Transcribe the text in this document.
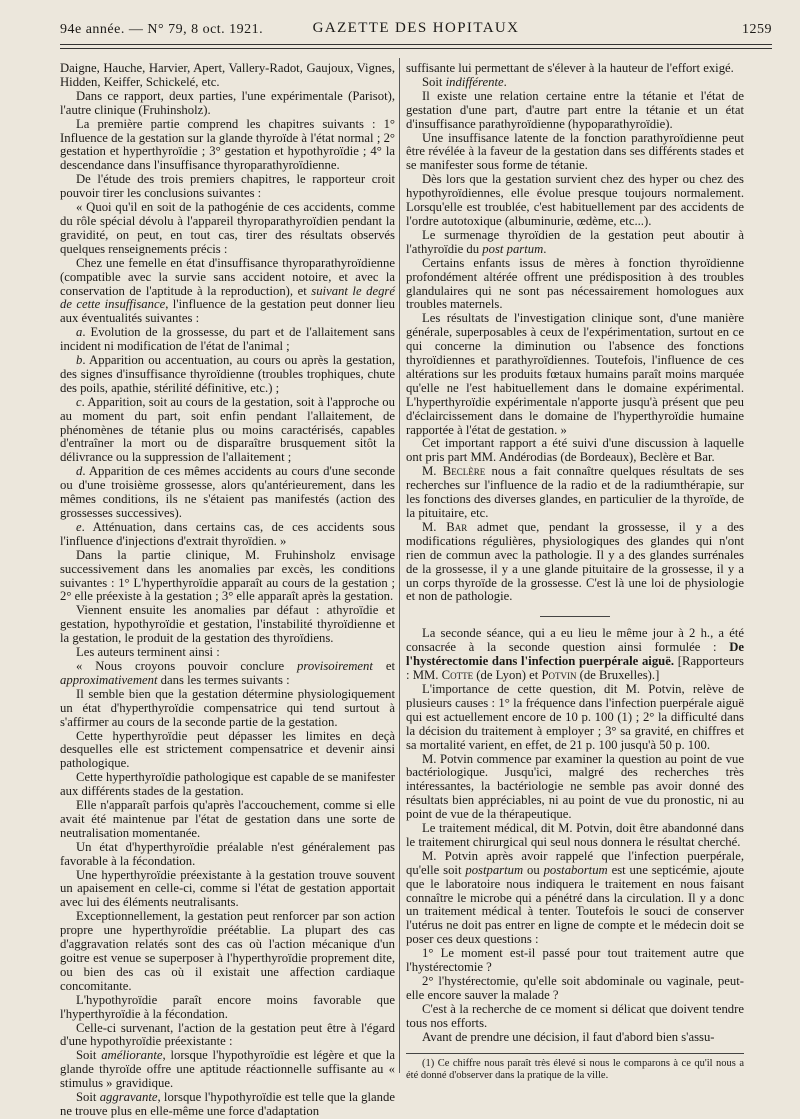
94e année. — N° 79, 8 oct. 1921.	GAZETTE DES HOPITAUX	1259

Daigne, Hauche, Harvier, Apert, Vallery-Radot, Gaujoux, Vignes, Hidden, Keiffer, Schickelé, etc.

Dans ce rapport, deux parties, l'une expérimentale (Parisot), l'autre clinique (Fruhinsholz).

La première partie comprend les chapitres suivants : 1° Influence de la gestation sur la glande thyroïde à l'état normal ; 2° gestation et hyperthyroïdie ; 3° gestation et hypothyroïdie ; 4° la descendance dans l'insuffisance thyroparathyroïdienne.

De l'étude des trois premiers chapitres, le rapporteur croit pouvoir tirer les conclusions suivantes :

« Quoi qu'il en soit de la pathogénie de ces accidents, comme du rôle spécial dévolu à l'appareil thyroparathyroïdien pendant la gravidité, on peut, en tout cas, tirer des résultats observés quelques renseignements précis :

Chez une femelle en état d'insuffisance thyroparathyroïdienne (compatible avec la survie sans accident notoire, et avec la conservation de l'aptitude à la reproduction), et suivant le degré de cette insuffisance, l'influence de la gestation peut donner lieu aux éventualités suivantes :

a. Evolution de la grossesse, du part et de l'allaitement sans incident ni modification de l'état de l'animal ;

b. Apparition ou accentuation, au cours ou après la gestation, des signes d'insuffisance thyroïdienne (troubles trophiques, chute des poils, apathie, stérilité définitive, etc.) ;

c. Apparition, soit au cours de la gestation, soit à l'approche ou au moment du part, soit enfin pendant l'allaitement, de phénomènes de tétanie plus ou moins caractérisés, capables d'entraîner la mort ou de disparaître brusquement sitôt la délivrance ou la suppression de l'allaitement ;

d. Apparition de ces mêmes accidents au cours d'une seconde ou d'une troisième grossesse, alors qu'antérieurement, dans les mêmes conditions, ils ne s'étaient pas manifestés (action des grossesses successives).

e. Atténuation, dans certains cas, de ces accidents sous l'influence d'injections d'extrait thyroïdien. »

Dans la partie clinique, M. Fruhinsholz envisage successivement dans les anomalies par excès, les conditions suivantes : 1° L'hyperthyroïdie apparaît au cours de la gestation ; 2° elle préexiste à la gestation ; 3° elle apparaît après la gestation.

Viennent ensuite les anomalies par défaut : athyroïdie et gestation, hypothyroïdie et gestation, l'instabilité thyroïdienne et la gestation, le produit de la gestation des thyroïdiens.

Les auteurs terminent ainsi :

« Nous croyons pouvoir conclure provisoirement et approximativement dans les termes suivants :

Il semble bien que la gestation détermine physiologiquement un état d'hyperthyroïdie compensatrice qui tend surtout à s'affirmer au cours de la seconde partie de la gestation.

Cette hyperthyroïdie peut dépasser les limites en deçà desquelles elle est strictement compensatrice et devenir ainsi pathologique.

Cette hyperthyroïdie pathologique est capable de se manifester aux différents stades de la gestation.

Elle n'apparaît parfois qu'après l'accouchement, comme si elle avait été maintenue par l'état de gestation dans une sorte de neutralisation momentanée.

Un état d'hyperthyroïdie préalable n'est généralement pas favorable à la fécondation.

Une hyperthyroïdie préexistante à la gestation trouve souvent un apaisement en celle-ci, comme si l'état de gestation apportait avec lui des éléments neutralisants.

Exceptionnellement, la gestation peut renforcer par son action propre une hyperthyroïdie préétablie. La plupart des cas d'aggravation relatés sont des cas où l'action mécanique d'un goitre est venue se superposer à l'hyperthyroïdie proprement dite, ou bien des cas où il existait une affection cardiaque concomitante.

L'hypothyroïdie paraît encore moins favorable que l'hyperthyroïdie à la fécondation.

Celle-ci survenant, l'action de la gestation peut être à l'égard d'une hypothyroïdie préexistante :

Soit améliorante, lorsque l'hypothyroïdie est légère et que la glande thyroïde offre une aptitude réactionnelle suffisante au « stimulus » gravidique.

Soit aggravante, lorsque l'hypothyroïdie est telle que la glande ne trouve plus en elle-même une force d'adaptation

suffisante lui permettant de s'élever à la hauteur de l'effort exigé.

Soit indifférente.

Il existe une relation certaine entre la tétanie et l'état de gestation d'une part, d'autre part entre la tétanie et un état d'insuffisance parathyroïdienne (hypoparathyroïdie).

Une insuffisance latente de la fonction parathyroïdienne peut être révélée à la faveur de la gestation dans ses différents stades et se manifester sous forme de tétanie.

Dès lors que la gestation survient chez des hyper ou chez des hypothyroïdiennes, elle évolue presque toujours normalement. Lorsqu'elle est troublée, c'est habituellement par des accidents de l'ordre autotoxique (albuminurie, œdème, etc...).

Le surmenage thyroïdien de la gestation peut aboutir à l'athyroïdie du post partum.

Certains enfants issus de mères à fonction thyroïdienne profondément altérée offrent une prédisposition à des troubles glandulaires qui ne sont pas nécessairement homologues aux troubles maternels.

Les résultats de l'investigation clinique sont, d'une manière générale, superposables à ceux de l'expérimentation, surtout en ce qui concerne la diminution ou l'absence des fonctions thyroïdiennes et parathyroïdiennes. Toutefois, l'influence de ces altérations sur les produits fœtaux humains paraît moins marquée qu'elle ne l'est habituellement dans le domaine expérimental. L'hyperthyroïdie expérimentale n'apporte jusqu'à présent que peu d'éclaircissement dans le domaine de l'hyperthyroïdie humaine rapportée à l'état de gestation. »

Cet important rapport a été suivi d'une discussion à laquelle ont pris part MM. Andérodias (de Bordeaux), Beclère et Bar.

M. Beclère nous a fait connaître quelques résultats de ses recherches sur l'influence de la radio et de la radiumthérapie, sur les fonctions des diverses glandes, en particulier de la thyroïde, de la pituitaire, etc.

M. Bar admet que, pendant la grossesse, il y a des modifications régulières, physiologiques des glandes qui n'ont rien de commun avec la pathologie. Il y a des glandes surrénales de la grossesse, il y a une glande pituitaire de la grossesse, il y a un corps thyroïde de la grossesse. C'est là une loi de physiologie et non de pathologie.

La seconde séance, qui a eu lieu le même jour à 2 h., a été consacrée à la seconde question ainsi formulée : De l'hystérectomie dans l'infection puerpérale aiguë. [Rapporteurs : MM. Cotte (de Lyon) et Potvin (de Bruxelles).]

L'importance de cette question, dit M. Potvin, relève de plusieurs causes : 1° la fréquence dans l'infection puerpérale aiguë qui est actuellement encore de 10 p. 100 (1) ; 2° la difficulté dans la décision du traitement à employer ; 3° sa gravité, en chiffres et sa mortalité varient, en effet, de 21 p. 100 jusqu'à 50 p. 100.

M. Potvin commence par examiner la question au point de vue bactériologique. Jusqu'ici, malgré des recherches très intéressantes, la bactériologie ne semble pas avoir donné des résultats bien appréciables, ni au point de vue du pronostic, ni au point de vue de la thérapeutique.

Le traitement médical, dit M. Potvin, doit être abandonné dans le traitement chirurgical qui seul nous donnera le résultat cherché.

M. Potvin après avoir rappelé que l'infection puerpérale, qu'elle soit postpartum ou postabortum est une septicémie, ajoute que le laboratoire nous indiquera le traitement en nous faisant connaître le microbe qui a pénétré dans la circulation. Il y a donc un traitement médical à tenter. Toutefois le souci de conserver l'utérus ne doit pas entrer en ligne de compte et le médecin doit se poser ces deux questions :

1° Le moment est-il passé pour tout traitement autre que l'hystérectomie ?

2° l'hystérectomie, qu'elle soit abdominale ou vaginale, peut-elle encore sauver la malade ?

C'est à la recherche de ce moment si délicat que doivent tendre tous nos efforts.

Avant de prendre une décision, il faut d'abord bien s'assu-

(1) Ce chiffre nous paraît très élevé si nous le comparons à ce qu'il nous a été donné d'observer dans la pratique de la ville.
